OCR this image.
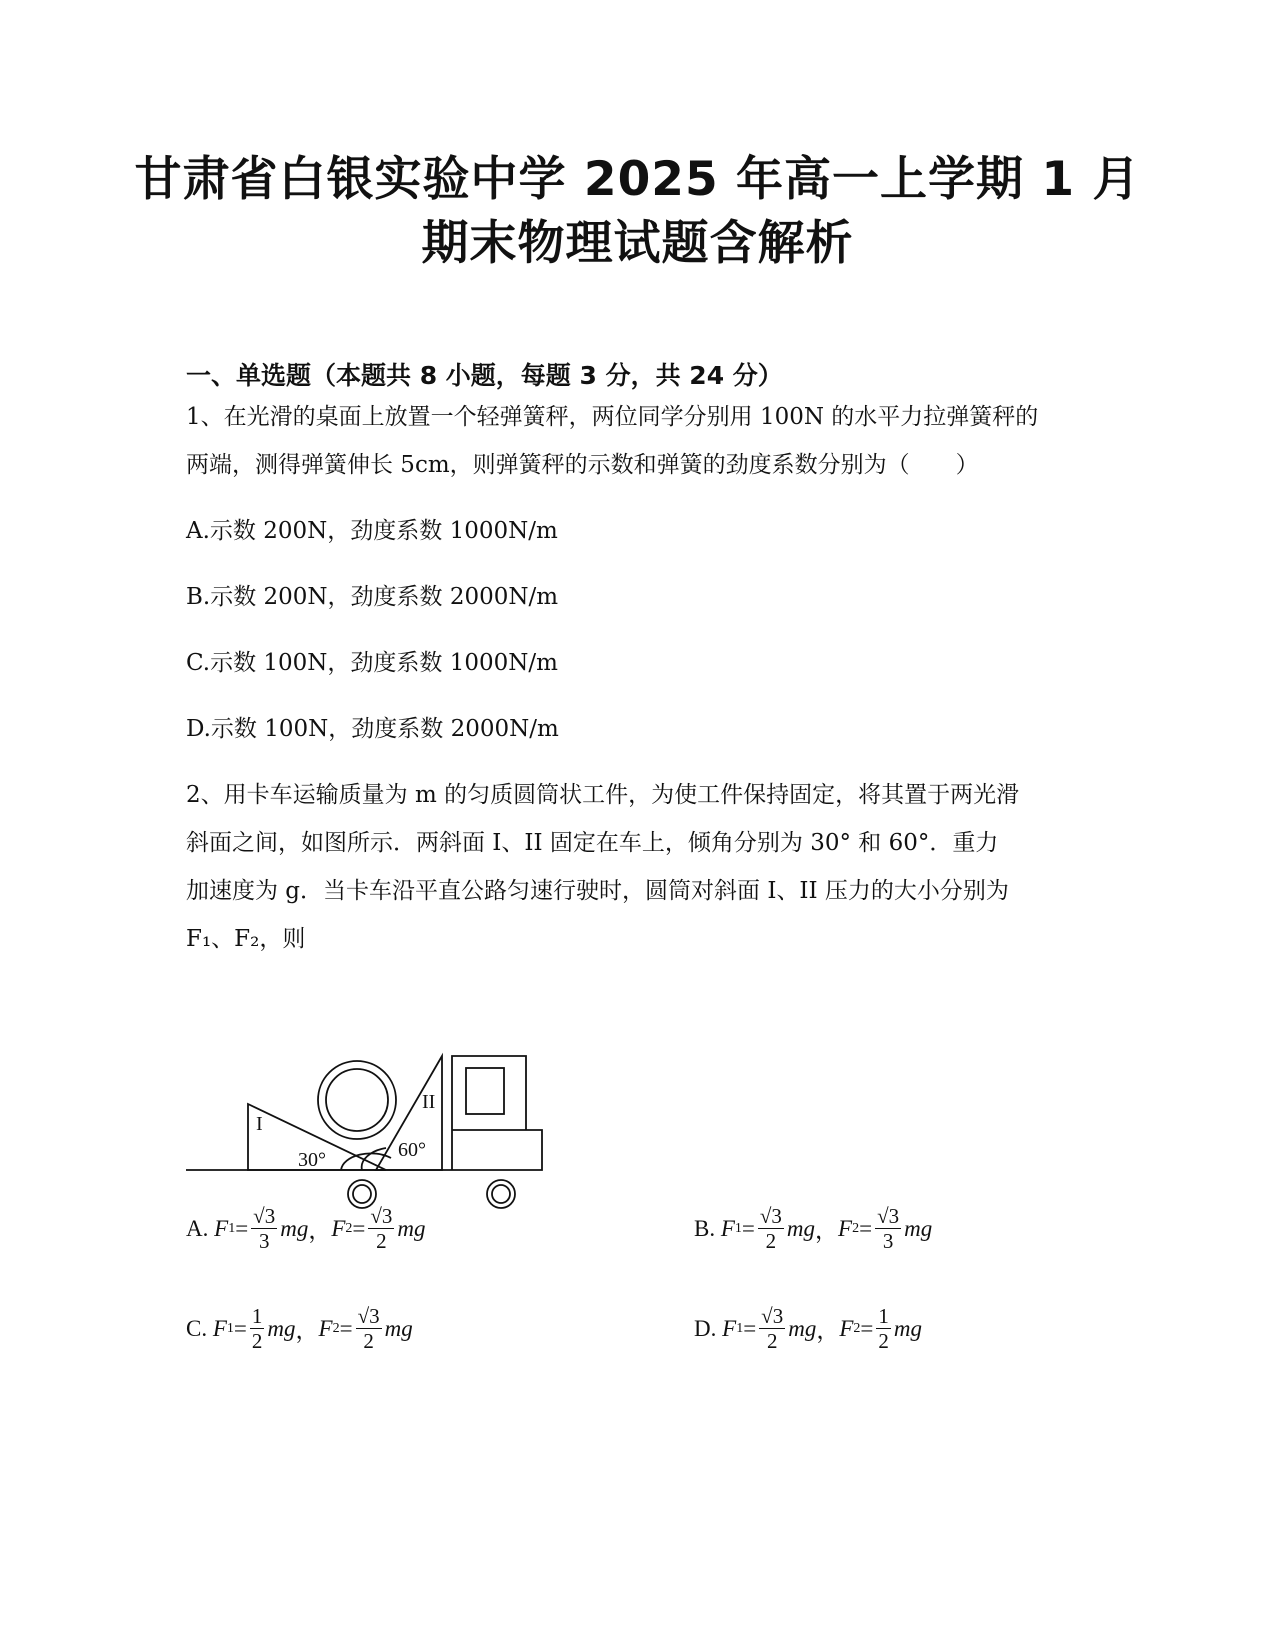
甘肃省白银实验中学 2025 年高一上学期 1 月
期末物理试题含解析
一、单选题（本题共 8 小题，每题 3 分，共 24 分）
1、在光滑的桌面上放置一个轻弹簧秤，两位同学分别用 100N 的水平力拉弹簧秤的
两端，测得弹簧伸长 5cm，则弹簧秤的示数和弹簧的劲度系数分别为（　　）
A.示数 200N，劲度系数 1000N/m
B.示数 200N，劲度系数 2000N/m
C.示数 100N，劲度系数 1000N/m
D.示数 100N，劲度系数 2000N/m
2、用卡车运输质量为 m 的匀质圆筒状工件，为使工件保持固定，将其置于两光滑
斜面之间，如图所示．两斜面 I、II 固定在车上，倾角分别为 30° 和 60°．重力
加速度为 g．当卡车沿平直公路匀速行驶时，圆筒对斜面 I、II 压力的大小分别为
F₁、F₂，则
I
II
30°	60°
A.
F $1 = \frac{√3}{3}$ mg ， F $2 = \frac{√3}{2}$ mg	B.
F $1 = \frac{√3}{2}$ mg ， F $2 = \frac{√3}{3}$ mg
C.
F $1 = \frac{1}{2}$ mg ， F $2 = \frac{√3}{2}$ mg	D.
F $1 = \frac{√3}{2}$ mg ， F $2 = \frac{1}{2}$ mg
